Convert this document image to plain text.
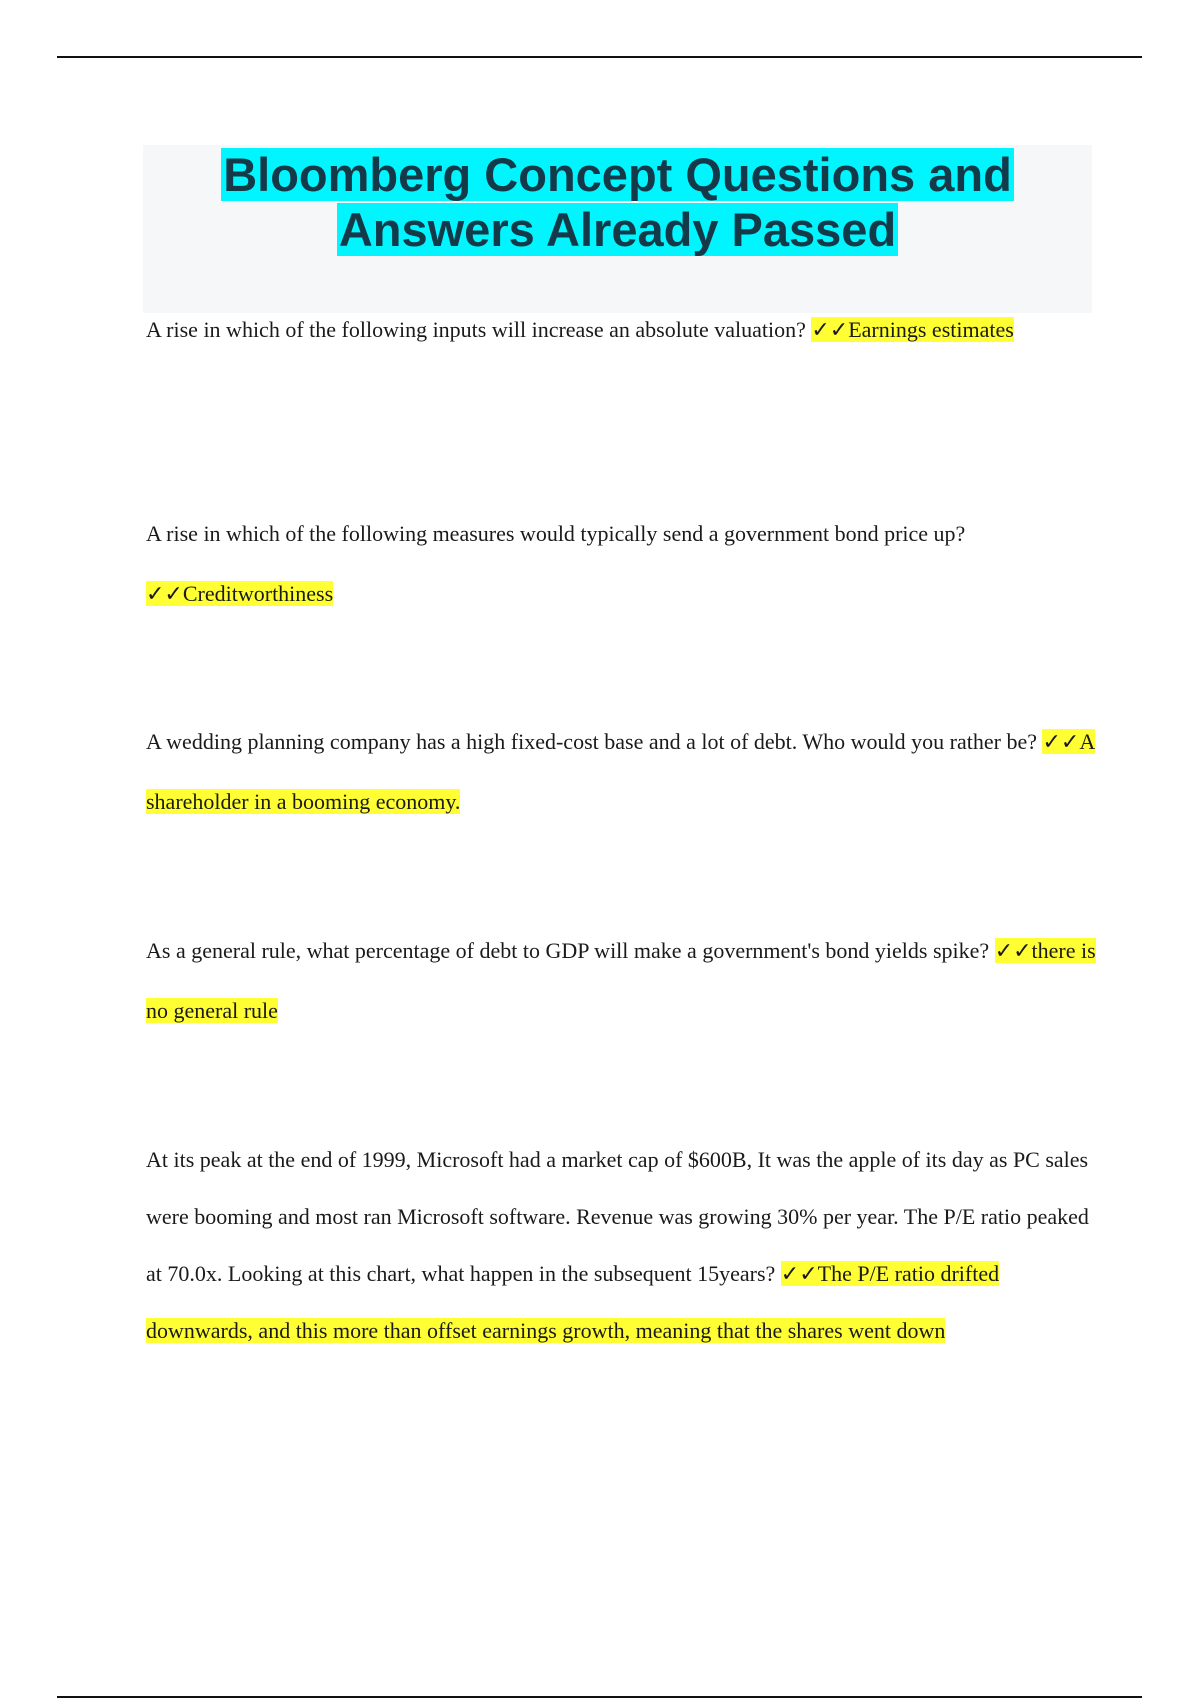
Bloomberg Concept Questions and
Answers Already Passed

A rise in which of the following inputs will increase an absolute valuation? ✓✓Earnings estimates

A rise in which of the following measures would typically send a government bond price up? ✓✓Creditworthiness

A wedding planning company has a high fixed-cost base and a lot of debt. Who would you rather be? ✓✓A shareholder in a booming economy.

As a general rule, what percentage of debt to GDP will make a government's bond yields spike? ✓✓there is no general rule

At its peak at the end of 1999, Microsoft had a market cap of $600B, It was the apple of its day as PC sales were booming and most ran Microsoft software. Revenue was growing 30% per year. The P/E ratio peaked at 70.0x. Looking at this chart, what happen in the subsequent 15years? ✓✓The P/E ratio drifted downwards, and this more than offset earnings growth, meaning that the shares went down
